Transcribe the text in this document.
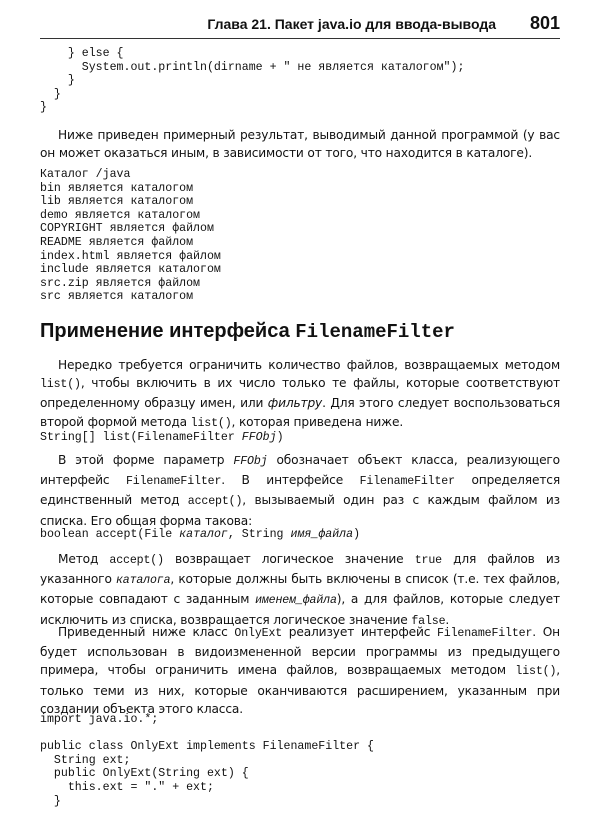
Глава 21. Пакет java.io для ввода-вывода 801
} else {
System.out.println(dirname + " не является каталогом");
}
}
}

Ниже приведен примерный результат, выводимый данной программой (у вас он может оказаться иным, в зависимости от того, что находится в каталоге).

Каталог /java
bin является каталогом
lib является каталогом
demo является каталогом
COPYRIGHT является файлом
README является файлом
index.html является файлом
include является каталогом
src.zip является файлом
src является каталогом
Применение интерфейса FilenameFilter

Нередко требуется ограничить количество файлов, возвращаемых методом list(), чтобы включить в их число только те файлы, которые соответствуют определенному образцу имен, или фильтру. Для этого следует воспользоваться второй формой метода list(), которая приведена ниже.

String[] list(FilenameFilter FFObj)

В этой форме параметр FFObj обозначает объект класса, реализующего интерфейс FilenameFilter. В интерфейсе FilenameFilter определяется единственный метод accept(), вызываемый один раз с каждым файлом из списка. Его общая форма такова:

boolean accept(File каталог, String имя_файла)

Метод accept() возвращает логическое значение true для файлов из указанного каталога, которые должны быть включены в список (т.е. тех файлов, которые совпадают с заданным именем_файла), а для файлов, которые следует исключить из списка, возвращается логическое значение false.

Приведенный ниже класс OnlyExt реализует интерфейс FilenameFilter. Он будет использован в видоизмененной версии программы из предыдущего примера, чтобы ограничить имена файлов, возвращаемых методом list(), только теми из них, которые оканчиваются расширением, указанным при создании объекта этого класса.

import java.io.*;

public class OnlyExt implements FilenameFilter {
String ext;
public OnlyExt(String ext) {
this.ext = "." + ext;
}
